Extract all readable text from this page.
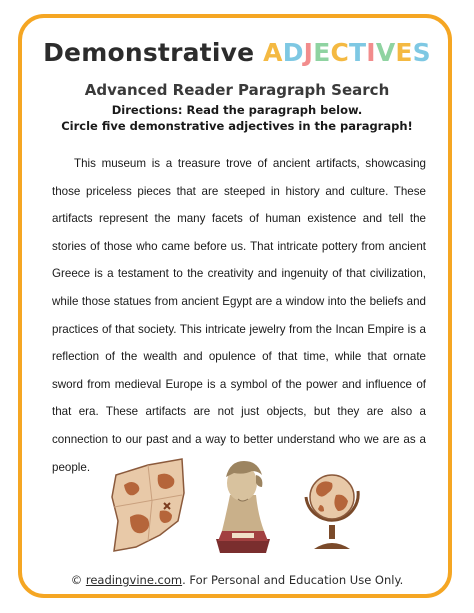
Demonstrative ADJECTIVES
Advanced Reader Paragraph Search
Directions: Read the paragraph below.
Circle five demonstrative adjectives in the paragraph!
This museum is a treasure trove of ancient artifacts, showcasing those priceless pieces that are steeped in history and culture. These artifacts represent the many facets of human existence and tell the stories of those who came before us. That intricate pottery from ancient Greece is a testament to the creativity and ingenuity of that civilization, while those statues from ancient Egypt are a window into the beliefs and practices of that society. This intricate jewelry from the Incan Empire is a reflection of the wealth and opulence of that time, while that ornate sword from medieval Europe is a symbol of the power and influence of that era. These artifacts are not just objects, but they are also a connection to our past and a way to better understand who we are as a people.
© readingvine.com. For Personal and Education Use Only.
